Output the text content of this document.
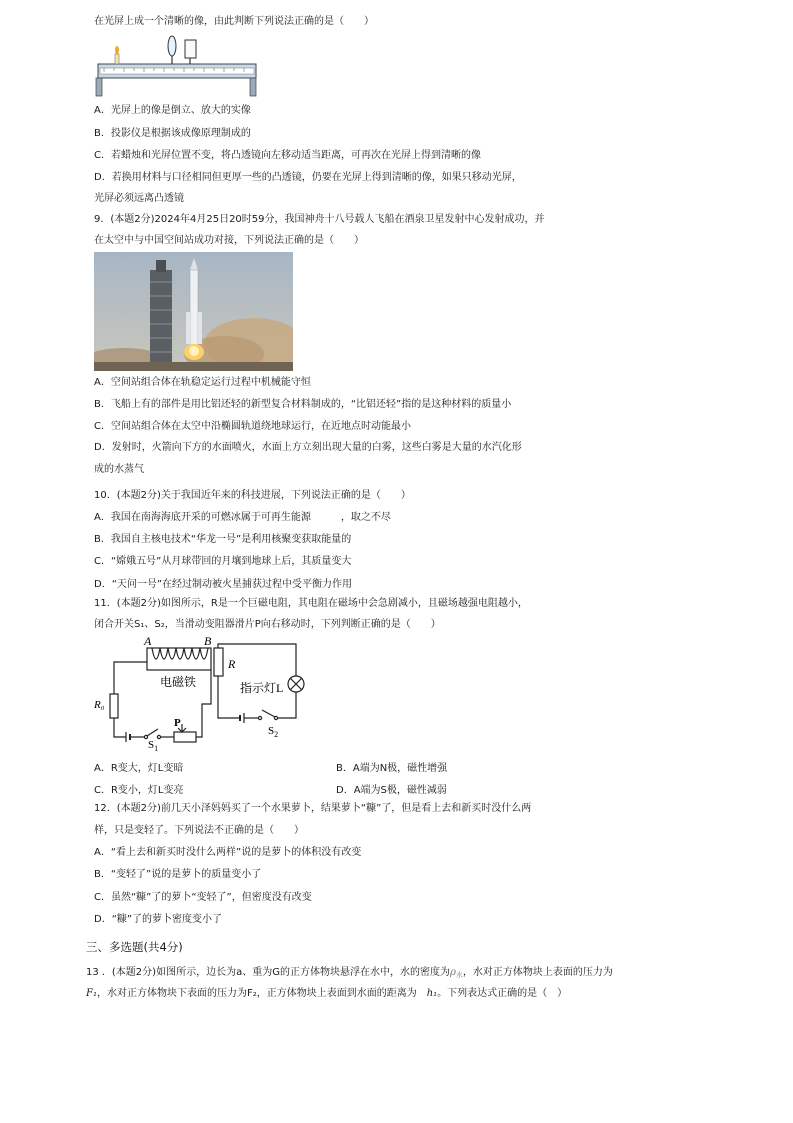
在光屏上成一个清晰的像，由此判断下列说法正确的是（　　）
A．光屏上的像是倒立、放大的实像
B．投影仪是根据该成像原理制成的
C．若蜡烛和光屏位置不变，将凸透镜向左移动适当距离，可再次在光屏上得到清晰的像
D．若换用材料与口径相同但更厚一些的凸透镜，仍要在光屏上得到清晰的像，如果只移动光屏，
光屏必须远离凸透镜
9．(本题2分)2024年4月25日20时59分，我国神舟十八号载人飞船在酒泉卫星发射中心发射成功，并
在太空中与中国空间站成功对接，下列说法正确的是（　　）
A．空间站组合体在轨稳定运行过程中机械能守恒
B．飞船上有的部件是用比铝还轻的新型复合材料制成的，“比铝还轻”指的是这种材料的质量小
C．空间站组合体在太空中沿椭圆轨道绕地球运行，在近地点时动能最小
D．发射时，火箭向下方的水面喷火，水面上方立刻出现大量的白雾，这些白雾是大量的水汽化形
成的水蒸气
10．(本题2分)关于我国近年来的科技进展，下列说法正确的是（　　）
A．我国在南海海底开采的可燃冰属于可再生能源　　　，取之不尽
B．我国自主核电技术“华龙一号”是利用核聚变获取能量的
C．“嫦娥五号”从月球带回的月壤到地球上后，其质量变大
D．“天问一号”在经过制动被火星捕获过程中受平衡力作用
11．(本题2分)如图所示，R是一个巨磁电阻，其电阻在磁场中会急剧减小，且磁场越强电阻越小，
闭合开关S₁、S₂，当滑动变阻器滑片P向右移动时，下列判断正确的是（　　）
A	B
R
电磁铁	指示灯L
R₀
P
$S_1$
$S_2$
A．R变大，灯L变暗	B．A端为N极，磁性增强
C．R变小，灯L变亮	D．A端为S极，磁性减弱
12．(本题2分)前几天小泽妈妈买了一个水果萝卜，结果萝卜“糠”了，但是看上去和新买时没什么两
样，只是变轻了。下列说法不正确的是（　　）
A．“看上去和新买时没什么两样”说的是萝卜的体积没有改变
B．“变轻了”说的是萝卜的质量变小了
C．虽然“糠”了的萝卜“变轻了”，但密度没有改变
D．“糠”了的萝卜密度变小了
三、多选题(共4分)
13 ．(本题2分)如图所示，边长为a、重为G的正方体物块悬浮在水中，水的密度为$\rho_水$，水对正方体物块上表面的压力为
F₁，水对正方体物块下表面的压力为F₂，正方体物块上表面到水面的距离为 h₁。下列表达式正确的是（　）
